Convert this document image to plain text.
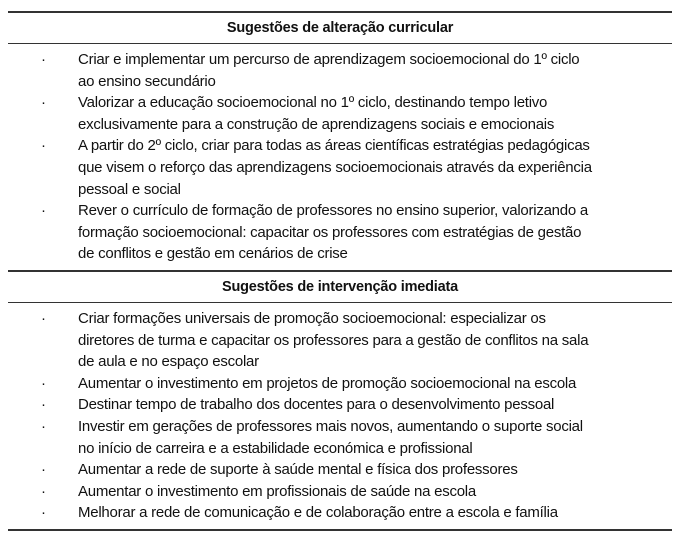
Sugestões de alteração curricular
· Criar e implementar um percurso de aprendizagem socioemocional do 1º ciclo
ao ensino secundário
· Valorizar a educação socioemocional no 1º ciclo, destinando tempo letivo
exclusivamente para a construção de aprendizagens sociais e emocionais
· A partir do 2º ciclo, criar para todas as áreas científicas estratégias pedagógicas
que visem o reforço das aprendizagens socioemocionais através da experiência
pessoal e social
· Rever o currículo de formação de professores no ensino superior, valorizando a
formação socioemocional: capacitar os professores com estratégias de gestão
de conflitos e gestão em cenários de crise
Sugestões de intervenção imediata
· Criar formações universais de promoção socioemocional: especializar os
diretores de turma e capacitar os professores para a gestão de conflitos na sala
de aula e no espaço escolar
· Aumentar o investimento em projetos de promoção socioemocional na escola
· Destinar tempo de trabalho dos docentes para o desenvolvimento pessoal
· Investir em gerações de professores mais novos, aumentando o suporte social
no início de carreira e a estabilidade económica e profissional
· Aumentar a rede de suporte à saúde mental e física dos professores
· Aumentar o investimento em profissionais de saúde na escola
· Melhorar a rede de comunicação e de colaboração entre a escola e família
